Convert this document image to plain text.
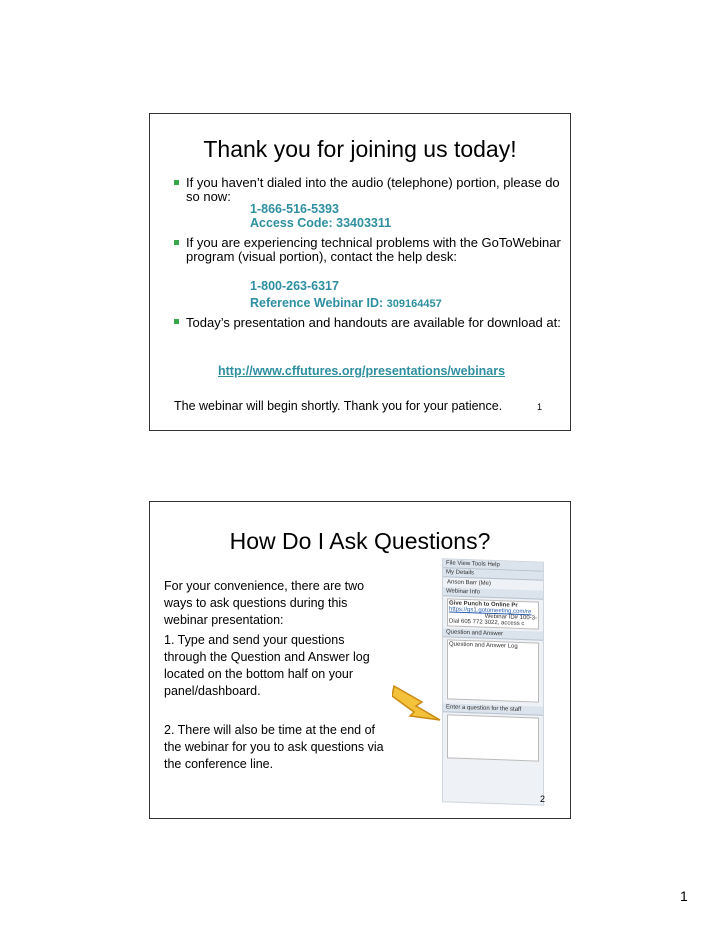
Thank you for joining us today!
If you haven’t dialed into the audio (telephone) portion, please do so now:
1-866-516-5393
Access Code: 33403311
If you are experiencing technical problems with the GoToWebinar program (visual portion), contact the help desk:
1-800-263-6317
Reference Webinar ID: 309164457
Today’s presentation and handouts are available for download at:
http://www.cffutures.org/presentations/webinars
The webinar will begin shortly. Thank you for your patience.	1
How Do I Ask Questions?
For your convenience, there are two ways to ask questions during this webinar presentation:
1. Type and send your questions through the Question and Answer log located on the bottom half on your panel/dashboard.
2. There will also be time at the end of the webinar for you to ask questions via the conference line.
File View Tools Help
My Details
Anson Barr (Me)
Webinar Info
Give Punch to Online Pr
https://gs1.gotomeeting.com/re
Webinar ID# 100-3-
Dial 605 772 3022, access c
Question and Answer
Question and Answer Log
Enter a question for the staff
2
1
